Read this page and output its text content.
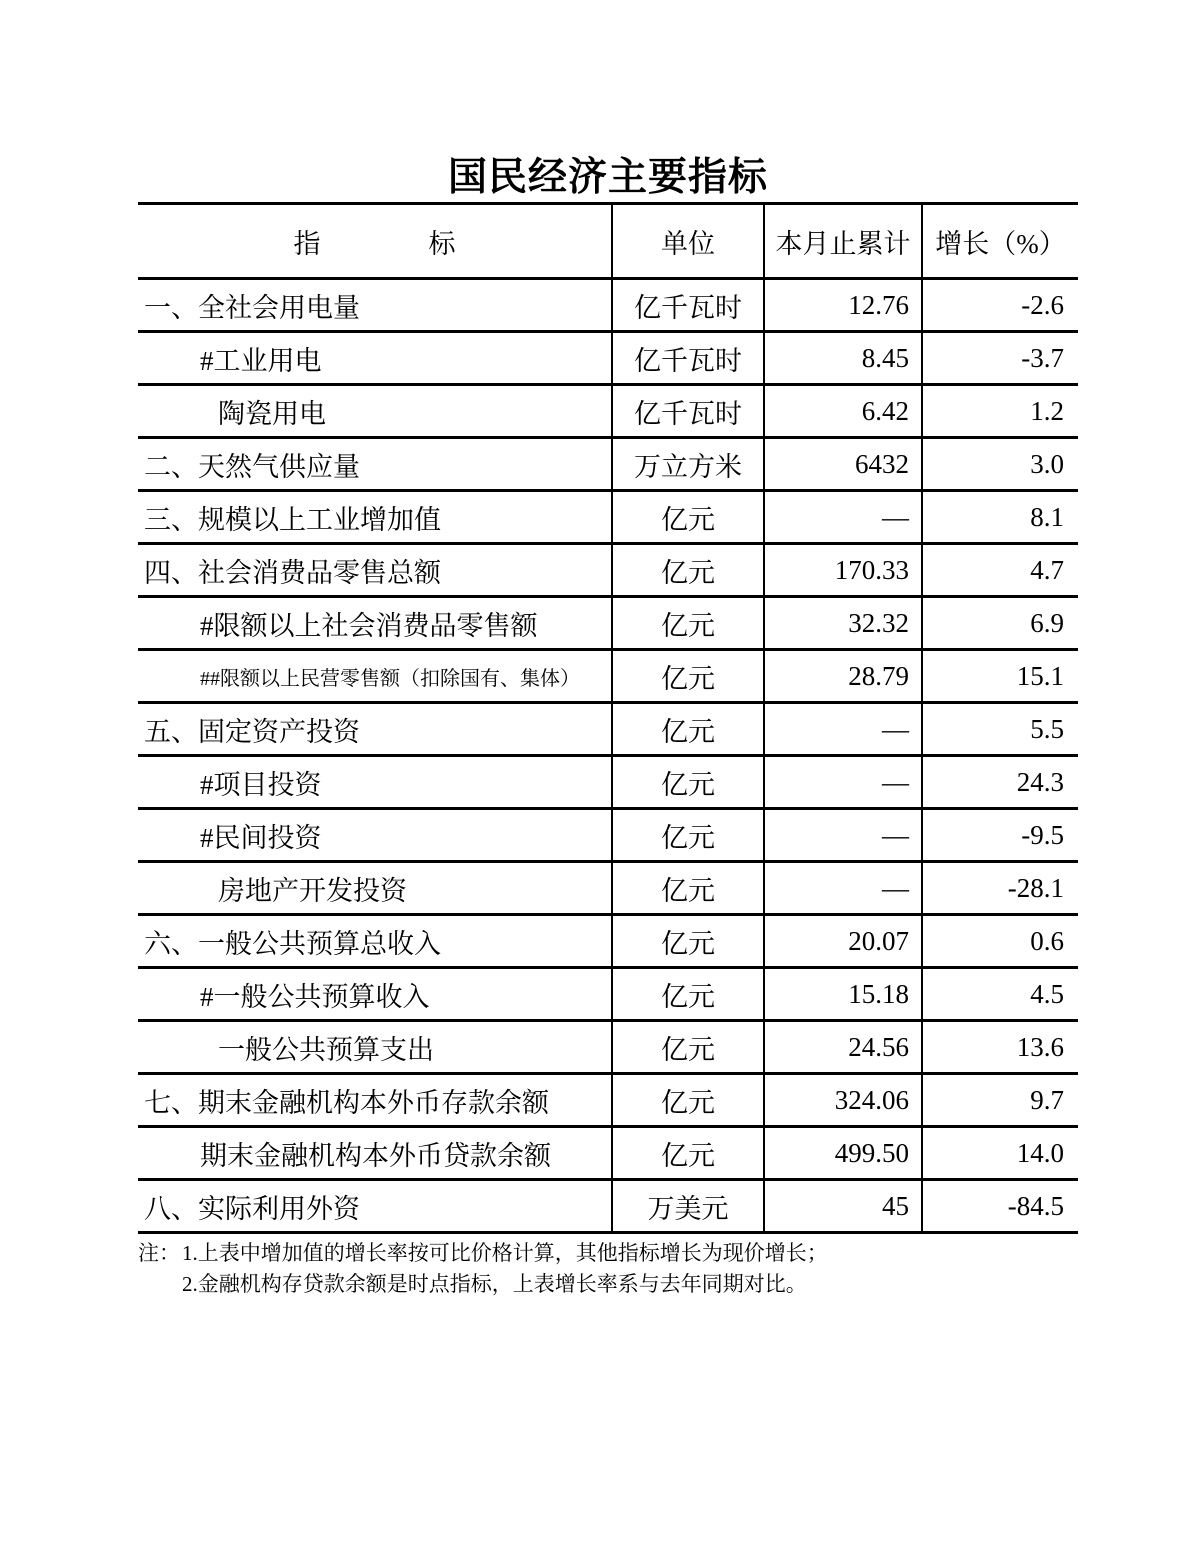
国民经济主要指标
指　　　　标	单位	本月止累计	增长（%）
一、全社会用电量	亿千瓦时	12.76	-2.6
#工业用电	亿千瓦时	8.45	-3.7
陶瓷用电	亿千瓦时	6.42	1.2
二、天然气供应量	万立方米	6432	3.0
三、规模以上工业增加值	亿元	—	8.1
四、社会消费品零售总额	亿元	170.33	4.7
#限额以上社会消费品零售额	亿元	32.32	6.9
##限额以上民营零售额（扣除国有、集体）	亿元	28.79	15.1
五、固定资产投资	亿元	—	5.5
#项目投资	亿元	—	24.3
#民间投资	亿元	—	-9.5
房地产开发投资	亿元	—	-28.1
六、一般公共预算总收入	亿元	20.07	0.6
#一般公共预算收入	亿元	15.18	4.5
一般公共预算支出	亿元	24.56	13.6
七、期末金融机构本外币存款余额	亿元	324.06	9.7
期末金融机构本外币贷款余额	亿元	499.50	14.0
八、实际利用外资	万美元	45	-84.5
注： 1.上表中增加值的增长率按可比价格计算，其他指标增长为现价增长；
2.金融机构存贷款余额是时点指标，上表增长率系与去年同期对比。
